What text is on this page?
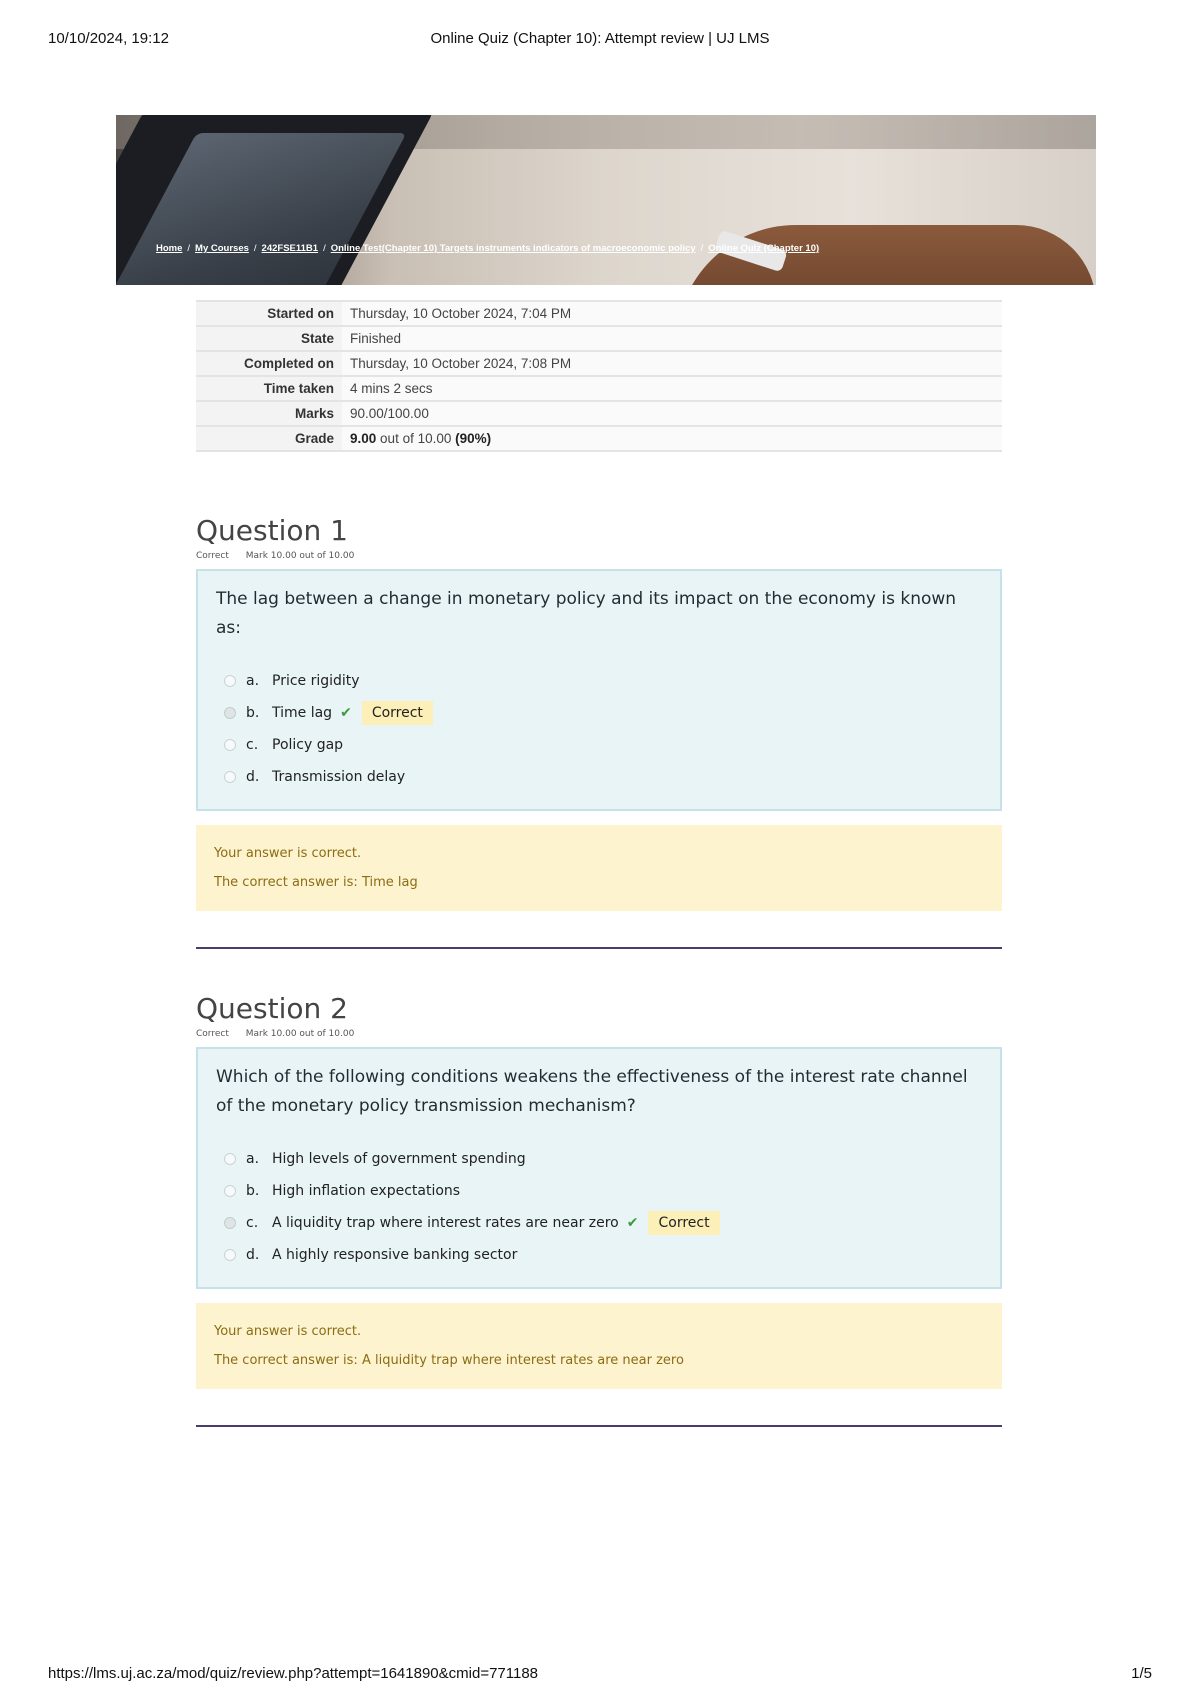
10/10/2024, 19:12	Online Quiz (Chapter 10): Attempt review | UJ LMS
Home / My Courses / 242FSE11B1 / Online Test(Chapter 10) Targets instruments indicators of macroeconomic policy / Online Quiz (Chapter 10)
Started on	Thursday, 10 October 2024, 7:04 PM
State	Finished
Completed on	Thursday, 10 October 2024, 7:08 PM
Time taken	4 mins 2 secs
Marks	90.00/100.00
Grade	9.00 out of 10.00 (90%)
Question 1
Correct Mark 10.00 out of 10.00
The lag between a change in monetary policy and its impact on the economy is known as:
a. Price rigidity
b. Time lag ✔	Correct
c. Policy gap
d. Transmission delay
Your answer is correct.
The correct answer is: Time lag
Question 2
Correct Mark 10.00 out of 10.00
Which of the following conditions weakens the effectiveness of the interest rate channel of the monetary policy transmission mechanism?
a. High levels of government spending
b. High inflation expectations
c. A liquidity trap where interest rates are near zero ✔	Correct
d. A highly responsive banking sector
Your answer is correct.
The correct answer is: A liquidity trap where interest rates are near zero
https://lms.uj.ac.za/mod/quiz/review.php?attempt=1641890&cmid=771188	1/5
